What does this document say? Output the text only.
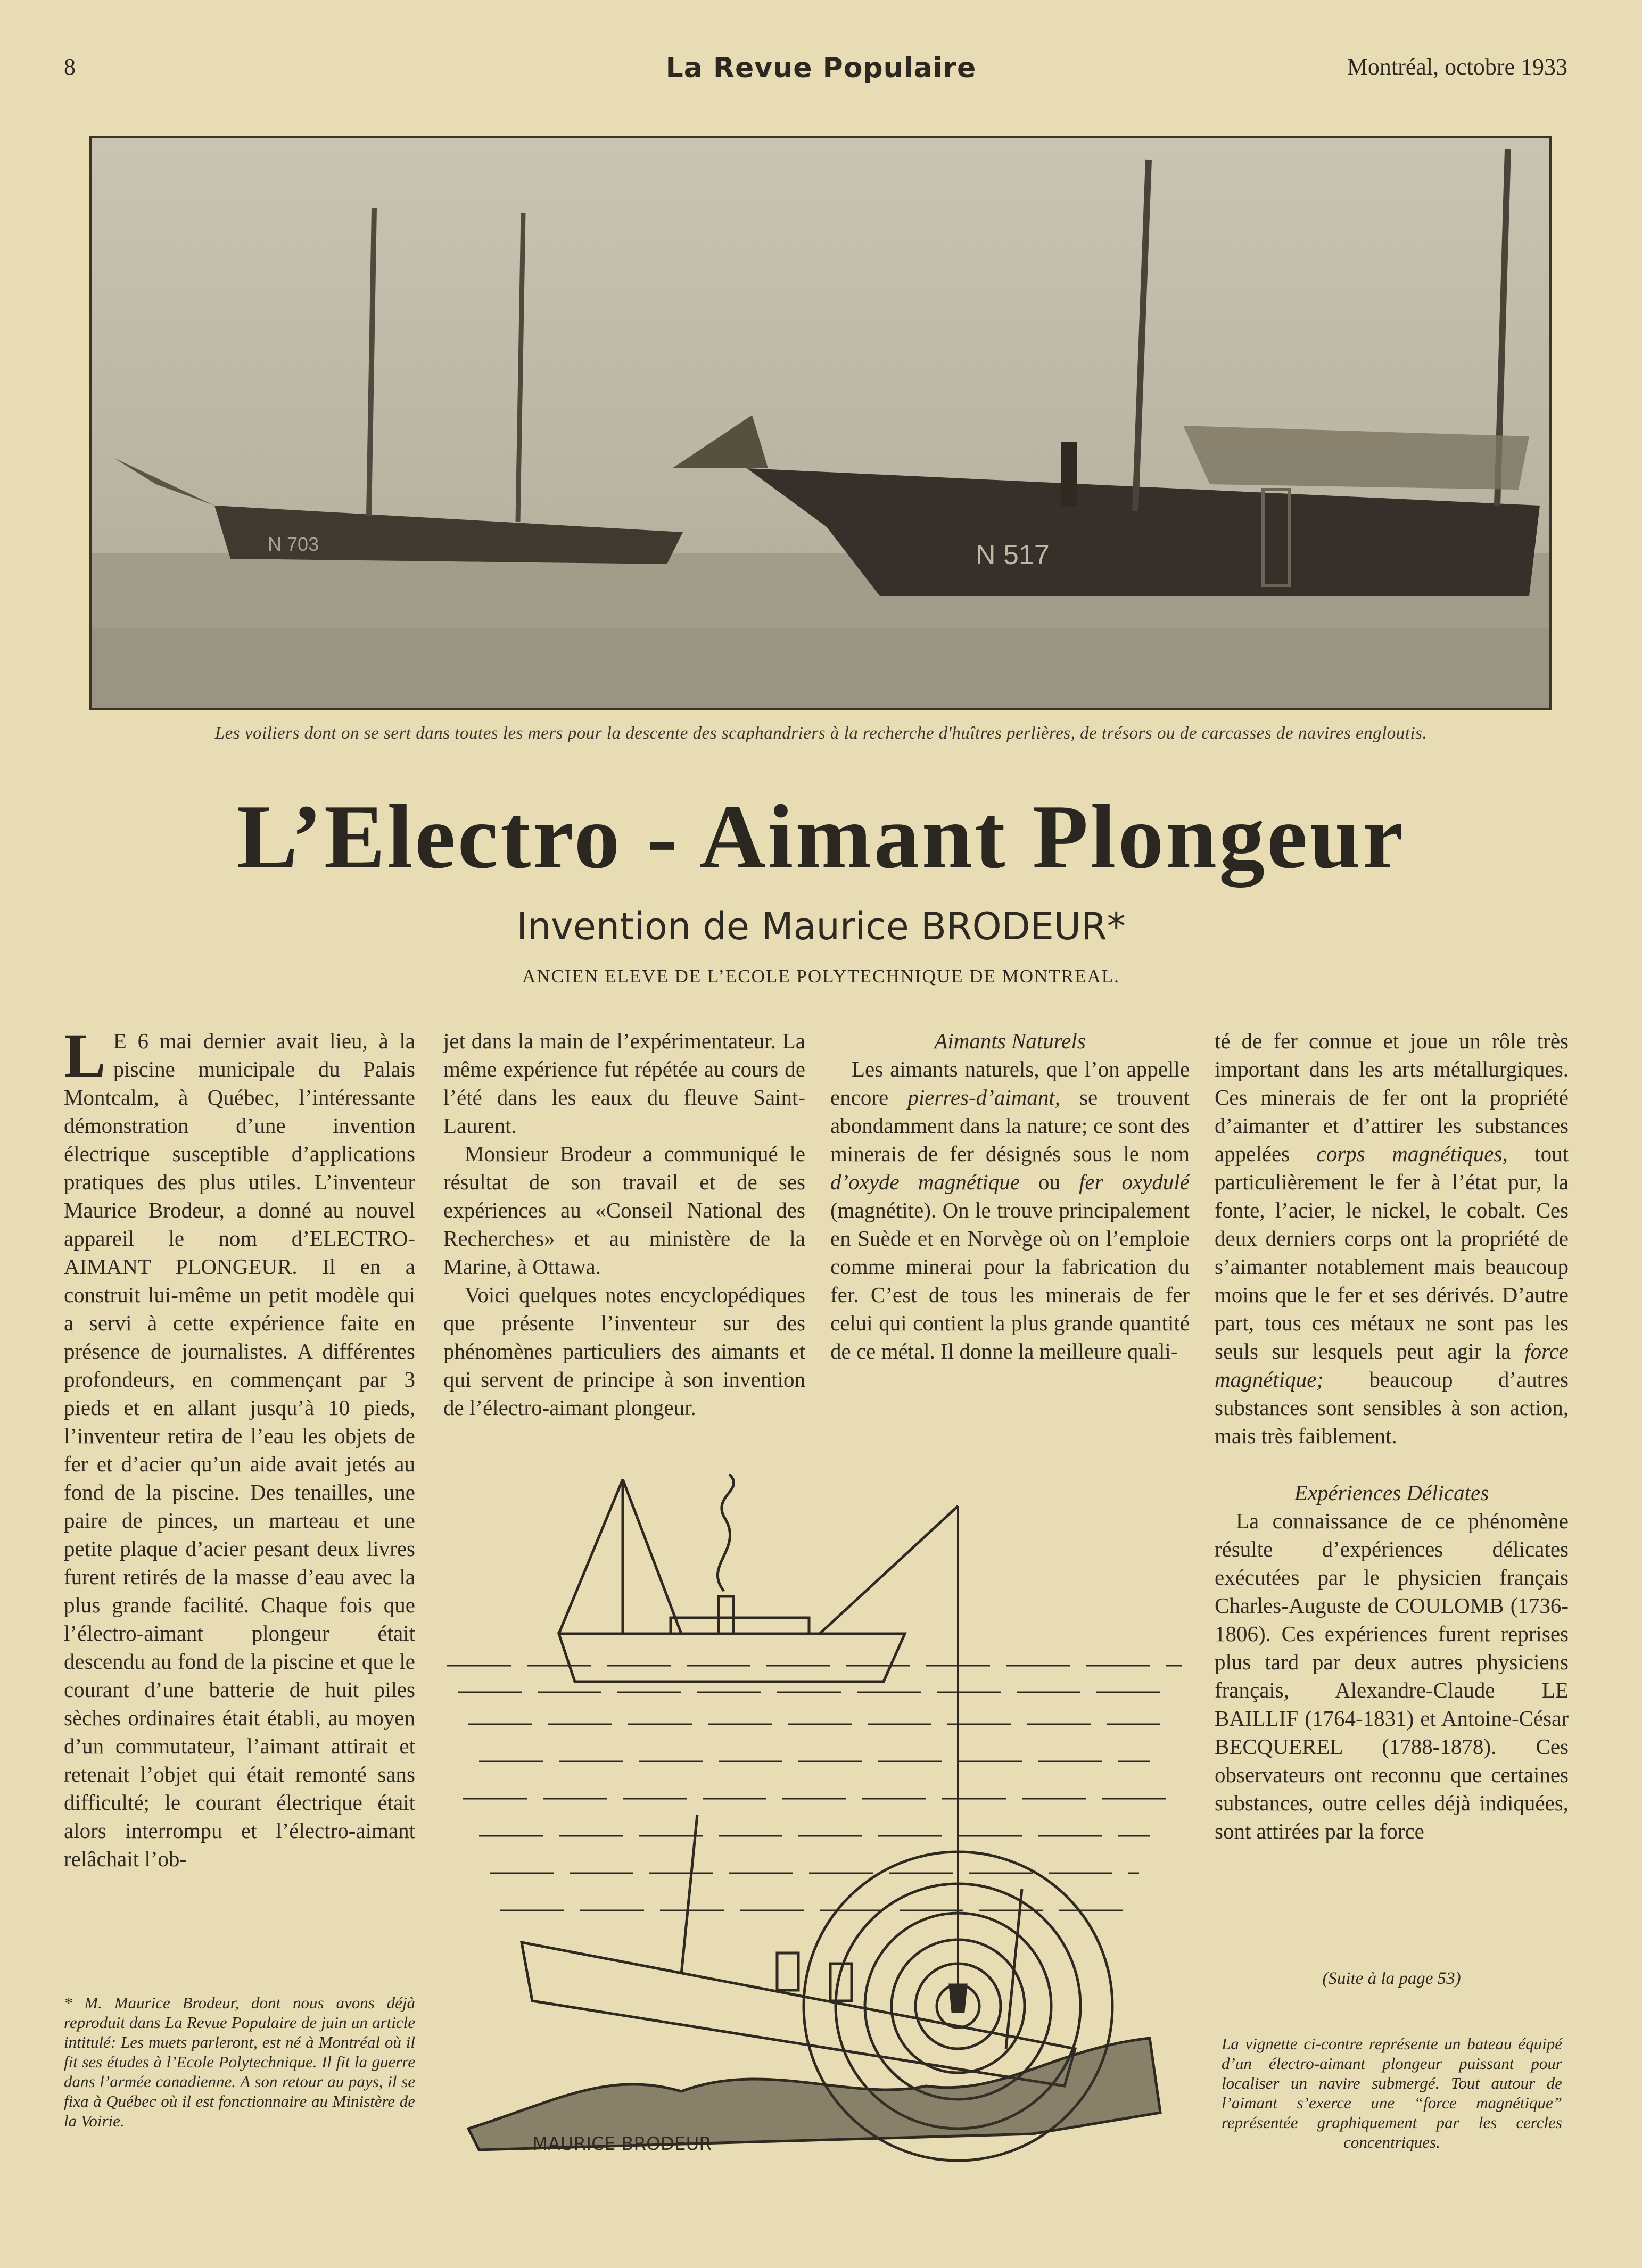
8	La Revue Populaire	Montréal, octobre 1933
N 703	N 517
Les voiliers dont on se sert dans toutes les mers pour la descente des scaphandriers à la recherche d'huîtres perlières, de trésors ou de carcasses de navires engloutis.
L’Electro - Aimant Plongeur
Invention de Maurice BRODEUR*
ANCIEN ELEVE DE L’ECOLE POLYTECHNIQUE DE MONTREAL.

L E 6 mai dernier avait lieu, à la piscine municipale du Palais Montcalm, à Québec, l’intéressante démonstration d’une invention électrique susceptible d’applications pratiques des plus utiles. L’inventeur Maurice Brodeur, a donné au nouvel appareil le nom d’ELECTRO-AIMANT PLONGEUR. Il en a construit lui-même un petit modèle qui a servi à cette expérience faite en présence de journalistes. A différentes profondeurs, en commençant par 3 pieds et en allant jusqu’à 10 pieds, l’inventeur retira de l’eau les objets de fer et d’acier qu’un aide avait jetés au fond de la piscine. Des tenailles, une paire de pinces, un marteau et une petite plaque d’acier pesant deux livres furent retirés de la masse d’eau avec la plus grande facilité. Chaque fois que l’électro-aimant plongeur était descendu au fond de la piscine et que le courant d’une batterie de huit piles sèches ordinaires était établi, au moyen d’un commutateur, l’aimant attirait et retenait l’objet qui était remonté sans difficulté; le courant électrique était alors interrompu et l’électro-aimant relâchait l’ob-

* M. Maurice Brodeur, dont nous avons déjà reproduit dans La Revue Populaire de juin un article intitulé: Les muets parleront, est né à Montréal où il fit ses études à l’Ecole Polytechnique. Il fit la guerre dans l’armée canadienne. A son retour au pays, il se fixa à Québec où il est fonctionnaire au Ministère de la Voirie.

jet dans la main de l’expérimentateur. La même expérience fut répétée au cours de l’été dans les eaux du fleuve Saint-Laurent.

Monsieur Brodeur a communiqué le résultat de son travail et de ses expériences au «Conseil National des Recherches» et au ministère de la Marine, à Ottawa.

Voici quelques notes encyclopédiques que présente l’inventeur sur des phénomènes particuliers des aimants et qui servent de principe à son invention de l’électro-aimant plongeur.

Aimants Naturels

Les aimants naturels, que l’on appelle encore pierres-d’aimant, se trouvent abondamment dans la nature; ce sont des minerais de fer désignés sous le nom d’oxyde magnétique ou fer oxydulé (magnétite). On le trouve principalement en Suède et en Norvège où on l’emploie comme minerai pour la fabrication du fer. C’est de tous les minerais de fer celui qui contient la plus grande quantité de ce métal. Il donne la meilleure quali-

té de fer connue et joue un rôle très important dans les arts métallurgiques. Ces minerais de fer ont la propriété d’aimanter et d’attirer les substances appelées corps magnétiques, tout particulièrement le fer à l’état pur, la fonte, l’acier, le nickel, le cobalt. Ces deux derniers corps ont la propriété de s’aimanter notablement mais beaucoup moins que le fer et ses dérivés. D’autre part, tous ces métaux ne sont pas les seuls sur lesquels peut agir la force magnétique; beaucoup d’autres substances sont sensibles à son action, mais très faiblement.

Expériences Délicates

La connaissance de ce phénomène résulte d’expériences délicates exécutées par le physicien français Charles-Auguste de COULOMB (1736-1806). Ces expériences furent reprises plus tard par deux autres physiciens français, Alexandre-Claude LE BAILLIF (1764-1831) et Antoine-César BECQUEREL (1788-1878). Ces observateurs ont reconnu que certaines substances, outre celles déjà indiquées, sont attirées par la force

(Suite à la page 53)
MAURICE BRODEUR
La vignette ci-contre représente un bateau équipé d’un électro-aimant plongeur puissant pour localiser un navire submergé. Tout autour de l’aimant s’exerce une “force magnétique” représentée graphiquement par les cercles concentriques.
